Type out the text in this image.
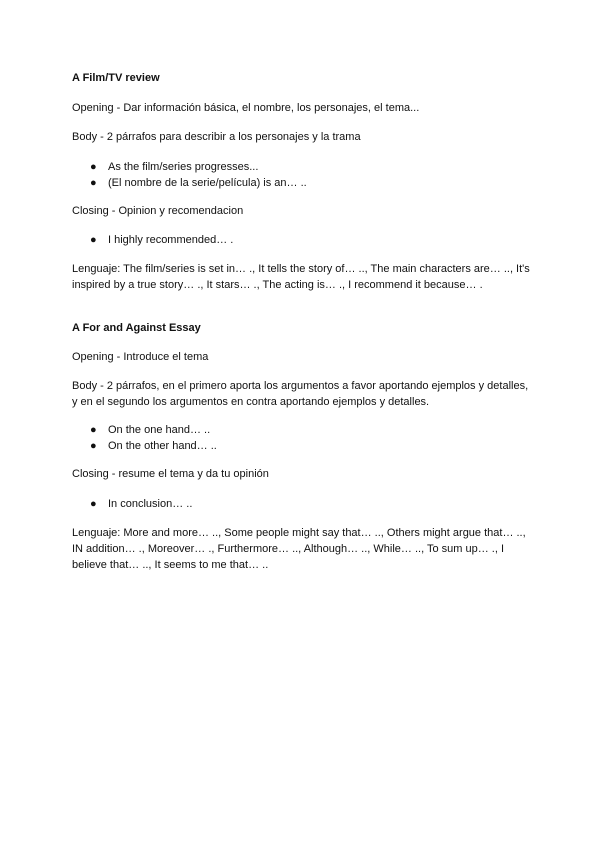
A Film/TV review

Opening - Dar información básica, el nombre, los personajes, el tema...

Body - 2 párrafos para describir a los personajes y la trama

● As the film/series progresses...
● (El nombre de la serie/película) is an… ..

Closing - Opinion y recomendacion

● I highly recommended… .

Lenguaje: The film/series is set in… ., It tells the story of… .., The main characters are… .., It's inspired by a true story… ., It stars… ., The acting is… ., I recommend it because… .

A For and Against Essay

Opening - Introduce el tema

Body - 2 párrafos, en el primero aporta los argumentos a favor aportando ejemplos y detalles, y en el segundo los argumentos en contra aportando ejemplos y detalles.

● On the one hand… ..
● On the other hand… ..

Closing - resume el tema y da tu opinión

● In conclusion… ..

Lenguaje: More and more… .., Some people might say that… .., Others might argue that… .., IN addition… ., Moreover… ., Furthermore… .., Although… .., While… .., To sum up… ., I believe that… .., It seems to me that… ..
